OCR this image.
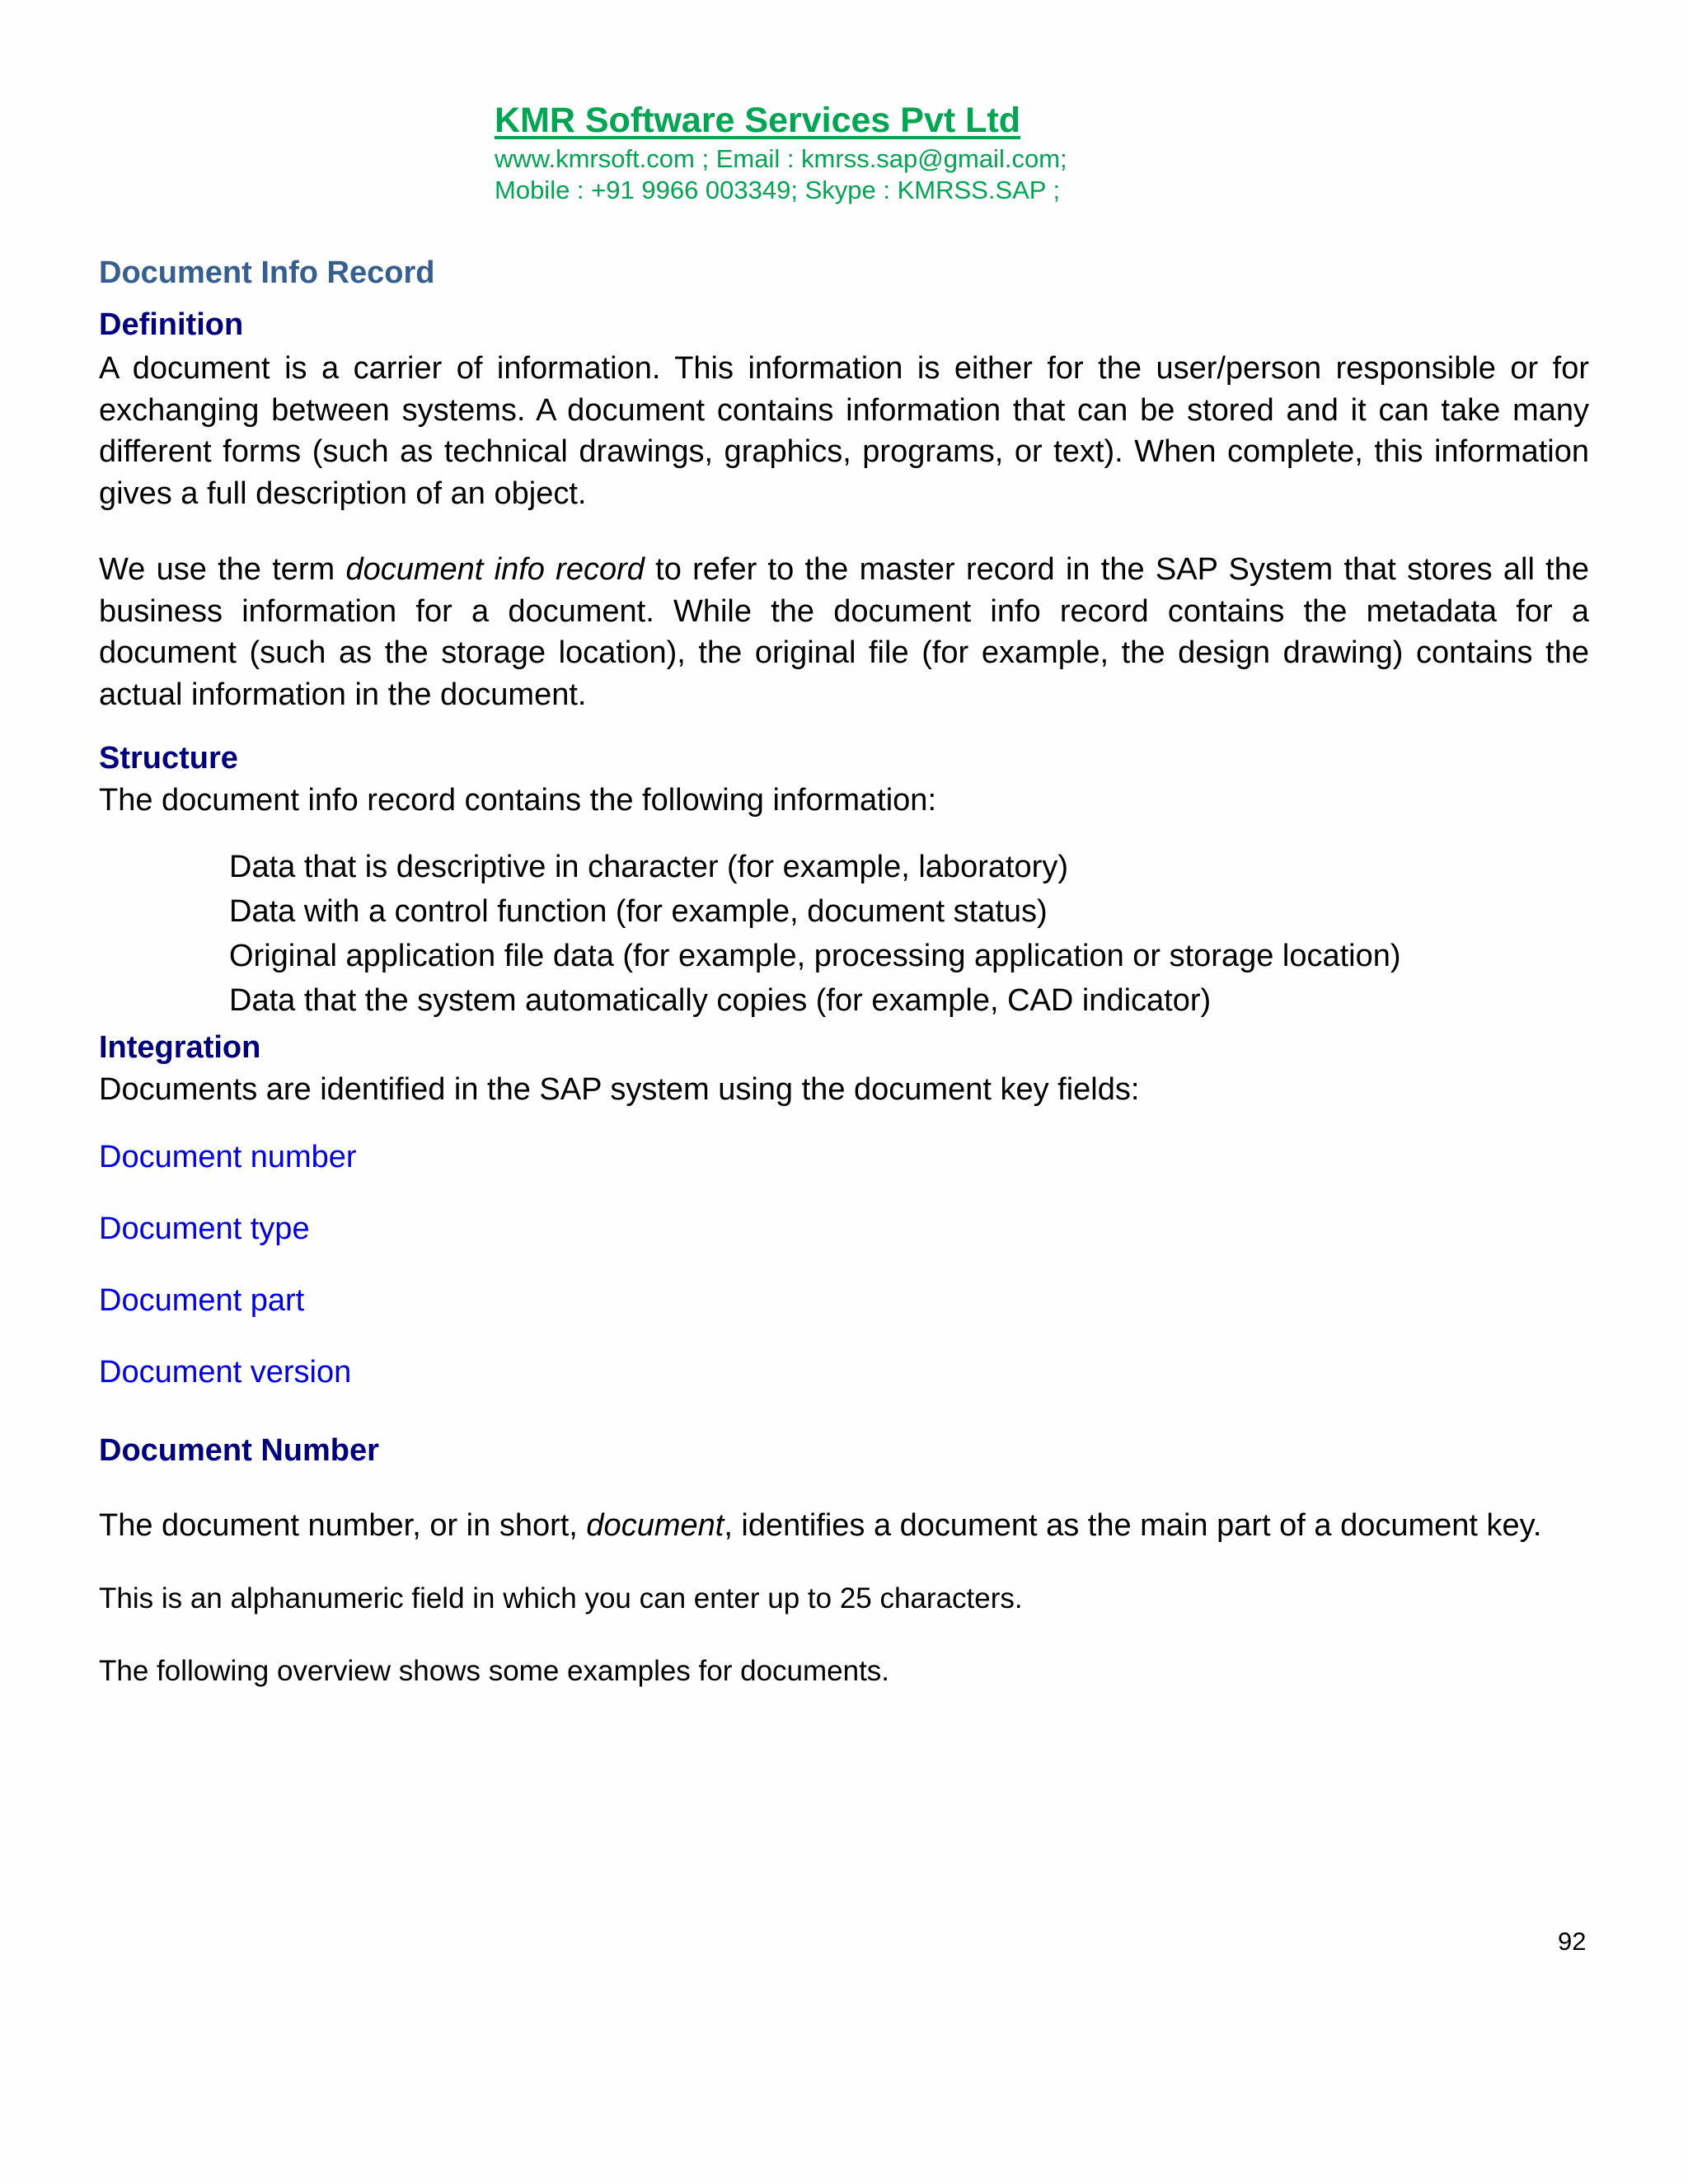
KMR Software Services Pvt Ltd

www.kmrsoft.com ; Email : kmrss.sap@gmail.com;

Mobile : +91 9966 003349; Skype : KMRSS.SAP ;

Document Info Record
Definition

A document is a carrier of information. This information is either for the user/person responsible or for exchanging between systems. A document contains information that can be stored and it can take many different forms (such as technical drawings, graphics, programs, or text). When complete, this information gives a full description of an object.

We use the term document info record to refer to the master record in the SAP System that stores all the business information for a document. While the document info record contains the metadata for a document (such as the storage location), the original file (for example, the design drawing) contains the actual information in the document.

Structure

The document info record contains the following information:

Data that is descriptive in character (for example, laboratory)
Data with a control function (for example, document status)
Original application file data (for example, processing application or storage location)
Data that the system automatically copies (for example, CAD indicator)
Integration

Documents are identified in the SAP system using the document key fields:

Document number
Document type
Document part
Document version
Document Number

The document number, or in short, document, identifies a document as the main part of a document key.

This is an alphanumeric field in which you can enter up to 25 characters.

The following overview shows some examples for documents.

92
